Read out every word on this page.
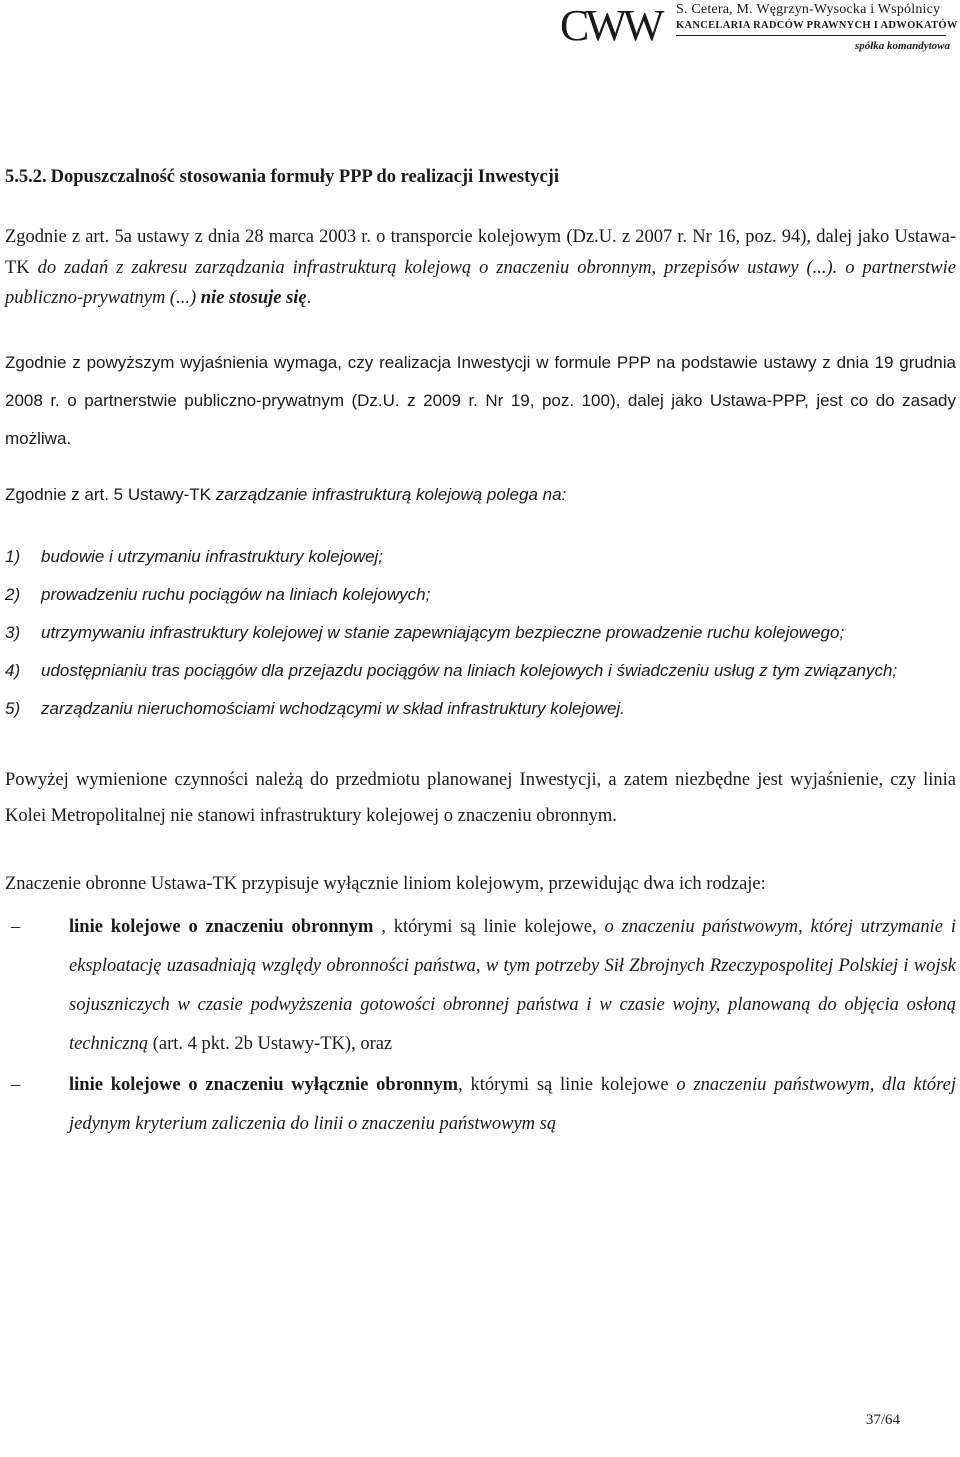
CWW	S. Cetera, M. Węgrzyn-Wysocka i Wspólnicy
KANCELARIA RADCÓW PRAWNYCH I ADWOKATÓW
spółka komandytowa
5.5.2. Dopuszczalność stosowania formuły PPP do realizacji Inwestycji

Zgodnie z art. 5a ustawy z dnia 28 marca 2003 r. o transporcie kolejowym (Dz.U. z 2007 r. Nr 16, poz. 94), dalej jako Ustawa-TK do zadań z zakresu zarządzania infrastrukturą kolejową o znaczeniu obronnym, przepisów ustawy (...). o partnerstwie publiczno-prywatnym (...) nie stosuje się.

Zgodnie z powyższym wyjaśnienia wymaga, czy realizacja Inwestycji w formule PPP na podstawie ustawy z dnia 19 grudnia 2008 r. o partnerstwie publiczno-prywatnym (Dz.U. z 2009 r. Nr 19, poz. 100), dalej jako Ustawa-PPP, jest co do zasady możliwa.

Zgodnie z art. 5 Ustawy-TK zarządzanie infrastrukturą kolejową polega na:

1) budowie i utrzymaniu infrastruktury kolejowej;
2) prowadzeniu ruchu pociągów na liniach kolejowych;
3) utrzymywaniu infrastruktury kolejowej w stanie zapewniającym bezpieczne prowadzenie ruchu kolejowego;
4) udostępnianiu tras pociągów dla przejazdu pociągów na liniach kolejowych i świadczeniu usług z tym związanych;
5) zarządzaniu nieruchomościami wchodzącymi w skład infrastruktury kolejowej.

Powyżej wymienione czynności należą do przedmiotu planowanej Inwestycji, a zatem niezbędne jest wyjaśnienie, czy linia Kolei Metropolitalnej nie stanowi infrastruktury kolejowej o znaczeniu obronnym.

Znaczenie obronne Ustawa-TK przypisuje wyłącznie liniom kolejowym, przewidując dwa ich rodzaje:

–	linie kolejowe o znaczeniu obronnym , którymi są linie kolejowe, o znaczeniu państwowym, której utrzymanie i eksploatację uzasadniają względy obronności państwa, w tym potrzeby Sił Zbrojnych Rzeczypospolitej Polskiej i wojsk sojuszniczych w czasie podwyższenia gotowości obronnej państwa i w czasie wojny, planowaną do objęcia osłoną techniczną (art. 4 pkt. 2b Ustawy-TK), oraz
–	linie kolejowe o znaczeniu wyłącznie obronnym, którymi są linie kolejowe o znaczeniu państwowym, dla której jedynym kryterium zaliczenia do linii o znaczeniu państwowym są
37/64
